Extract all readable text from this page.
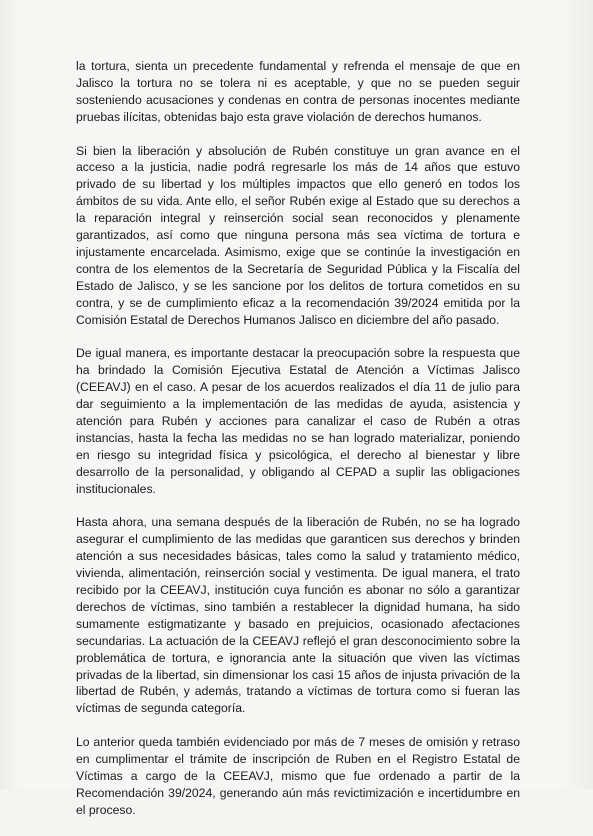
la tortura, sienta un precedente fundamental y refrenda el mensaje de que en Jalisco la tortura no se tolera ni es aceptable, y que no se pueden seguir sosteniendo acusaciones y condenas en contra de personas inocentes mediante pruebas ilícitas, obtenidas bajo esta grave violación de derechos humanos.

Si bien la liberación y absolución de Rubén constituye un gran avance en el acceso a la justicia, nadie podrá regresarle los más de 14 años que estuvo privado de su libertad y los múltiples impactos que ello generó en todos los ámbitos de su vida. Ante ello, el señor Rubén exige al Estado que su derechos a la reparación integral y reinserción social sean reconocidos y plenamente garantizados, así como que ninguna persona más sea víctima de tortura e injustamente encarcelada. Asimismo, exige que se continúe la investigación en contra de los elementos de la Secretaría de Seguridad Pública y la Fiscalía del Estado de Jalisco, y se les sancione por los delitos de tortura cometidos en su contra, y se de cumplimiento eficaz a la recomendación 39/2024 emitida por la Comisión Estatal de Derechos Humanos Jalisco en diciembre del año pasado.

De igual manera, es importante destacar la preocupación sobre la respuesta que ha brindado la Comisión Ejecutiva Estatal de Atención a Víctimas Jalisco (CEEAVJ) en el caso. A pesar de los acuerdos realizados el día 11 de julio para dar seguimiento a la implementación de las medidas de ayuda, asistencia y atención para Rubén y acciones para canalizar el caso de Rubén a otras instancias, hasta la fecha las medidas no se han logrado materializar, poniendo en riesgo su integridad física y psicológica, el derecho al bienestar y libre desarrollo de la personalidad, y obligando al CEPAD a suplir las obligaciones institucionales.

Hasta ahora, una semana después de la liberación de Rubén, no se ha logrado asegurar el cumplimiento de las medidas que garanticen sus derechos y brinden atención a sus necesidades básicas, tales como la salud y tratamiento médico, vivienda, alimentación, reinserción social y vestimenta. De igual manera, el trato recibido por la CEEAVJ, institución cuya función es abonar no sólo a garantizar derechos de víctimas, sino también a restablecer la dignidad humana, ha sido sumamente estigmatizante y basado en prejuicios, ocasionado afectaciones secundarias. La actuación de la CEEAVJ reflejó el gran desconocimiento sobre la problemática de tortura, e ignorancia ante la situación que viven las víctimas privadas de la libertad, sin dimensionar los casi 15 años de injusta privación de la libertad de Rubén, y además, tratando a víctimas de tortura como si fueran las víctimas de segunda categoría.

Lo anterior queda también evidenciado por más de 7 meses de omisión y retraso en cumplimentar el trámite de inscripción de Ruben en el Registro Estatal de Víctimas a cargo de la CEEAVJ, mismo que fue ordenado a partir de la Recomendación 39/2024, generando aún más revictimización e incertidumbre en el proceso.
